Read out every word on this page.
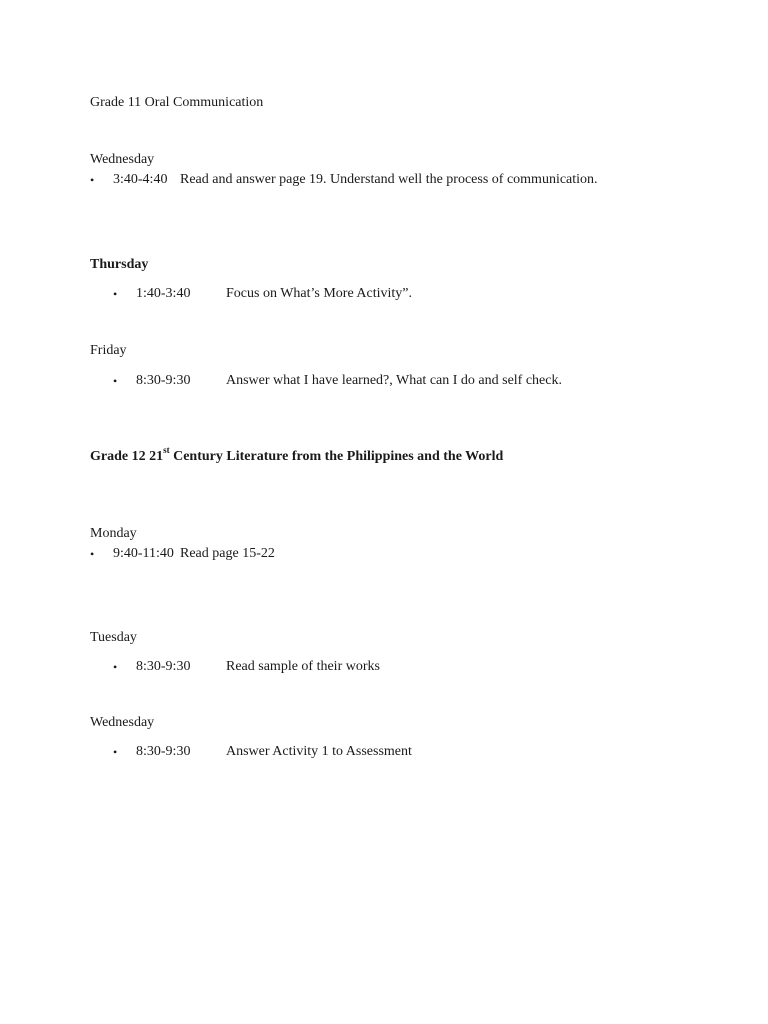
Grade 11 Oral Communication
Wednesday
• 3:40-4:40 Read and answer page 19. Understand well the process of communication.
Thursday
• 1:40-3:40	Focus on What’s More Activity”.
Friday
• 8:30-9:30	Answer what I have learned?, What can I do and self check.
Grade 12 21st Century Literature from the Philippines and the World
Monday
• 9:40-11:40 Read page 15-22
Tuesday
• 8:30-9:30	Read sample of their works
Wednesday
• 8:30-9:30	Answer Activity 1 to Assessment
